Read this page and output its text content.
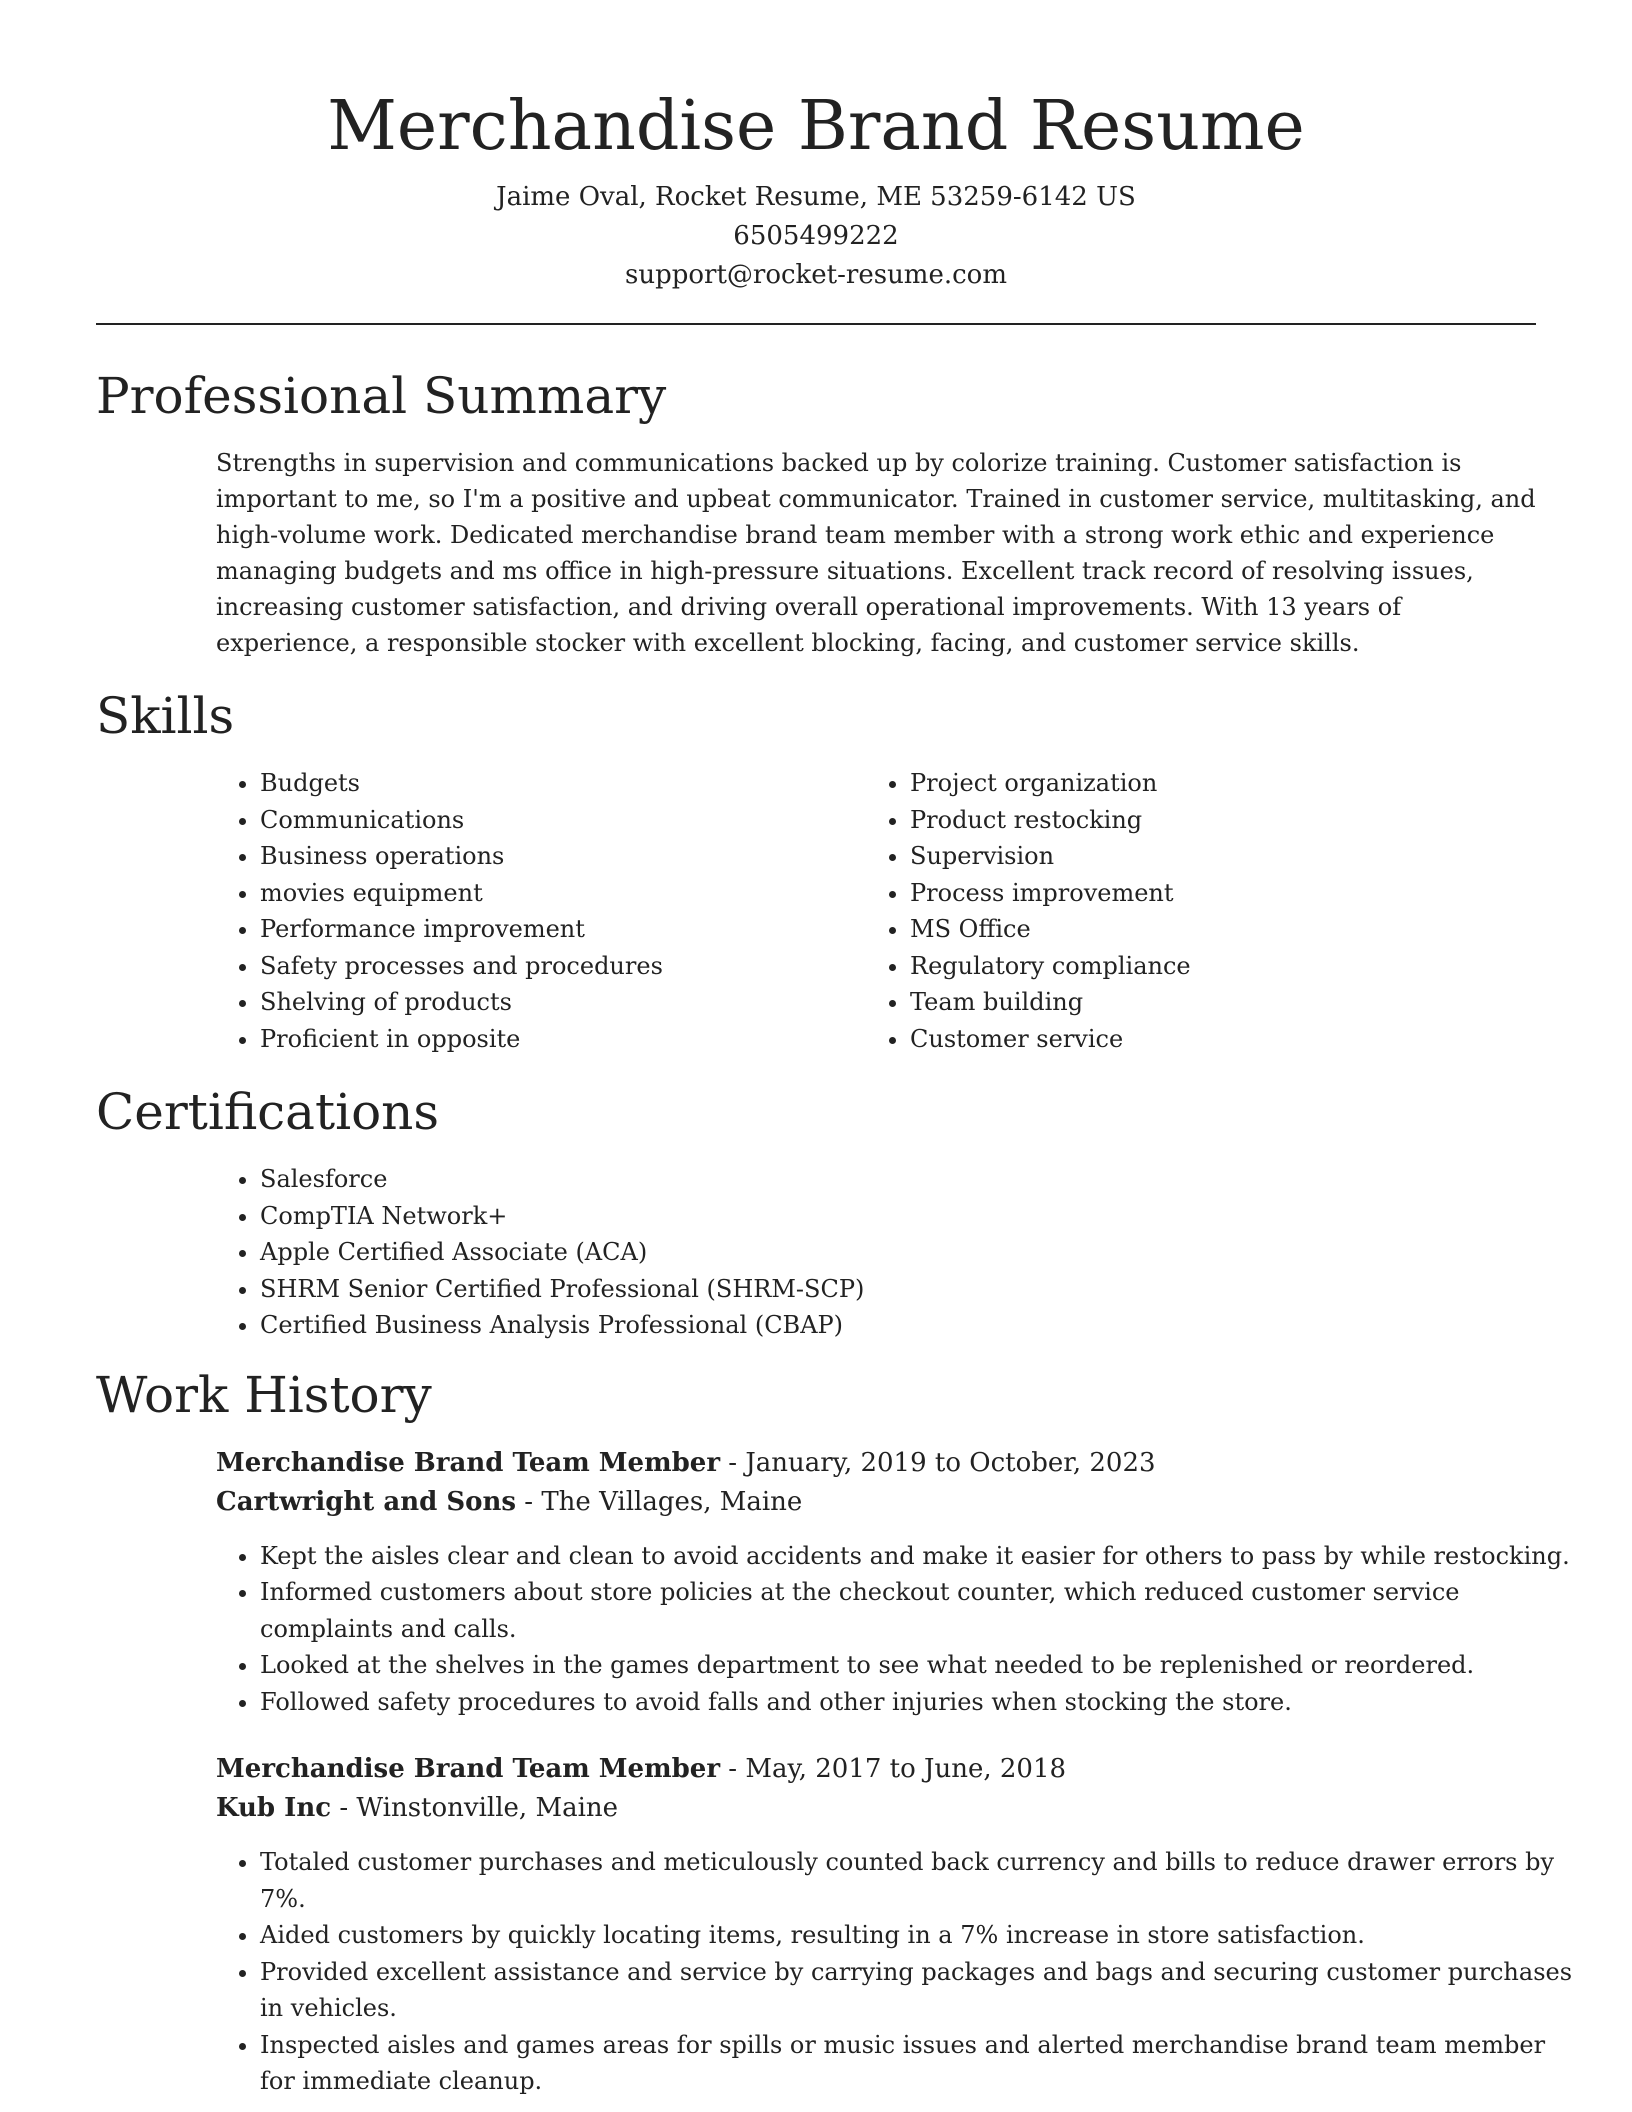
Merchandise Brand Resume
Jaime Oval, Rocket Resume, ME 53259-6142 US
6505499222
support@rocket-resume.com
Professional Summary
Strengths in supervision and communications backed up by colorize training. Customer satisfaction is important to me, so I'm a positive and upbeat communicator. Trained in customer service, multitasking, and high-volume work. Dedicated merchandise brand team member with a strong work ethic and experience managing budgets and ms office in high-pressure situations. Excellent track record of resolving issues, increasing customer satisfaction, and driving overall operational improvements. With 13 years of experience, a responsible stocker with excellent blocking, facing, and customer service skills.
Skills
• Budgets
• Communications
• Business operations
• movies equipment
• Performance improvement
• Safety processes and procedures
• Shelving of products
• Proficient in opposite
• Project organization
• Product restocking
• Supervision
• Process improvement
• MS Office
• Regulatory compliance
• Team building
• Customer service
Certifications
• Salesforce
• CompTIA Network+
• Apple Certified Associate (ACA)
• SHRM Senior Certified Professional (SHRM-SCP)
• Certified Business Analysis Professional (CBAP)
Work History
Merchandise Brand Team Member - January, 2019 to October, 2023
Cartwright and Sons - The Villages, Maine
• Kept the aisles clear and clean to avoid accidents and make it easier for others to pass by while restocking.
• Informed customers about store policies at the checkout counter, which reduced customer service complaints and calls.
• Looked at the shelves in the games department to see what needed to be replenished or reordered.
• Followed safety procedures to avoid falls and other injuries when stocking the store.
Merchandise Brand Team Member - May, 2017 to June, 2018
Kub Inc - Winstonville, Maine
• Totaled customer purchases and meticulously counted back currency and bills to reduce drawer errors by 7%.
• Aided customers by quickly locating items, resulting in a 7% increase in store satisfaction.
• Provided excellent assistance and service by carrying packages and bags and securing customer purchases in vehicles.
• Inspected aisles and games areas for spills or music issues and alerted merchandise brand team member for immediate cleanup.
